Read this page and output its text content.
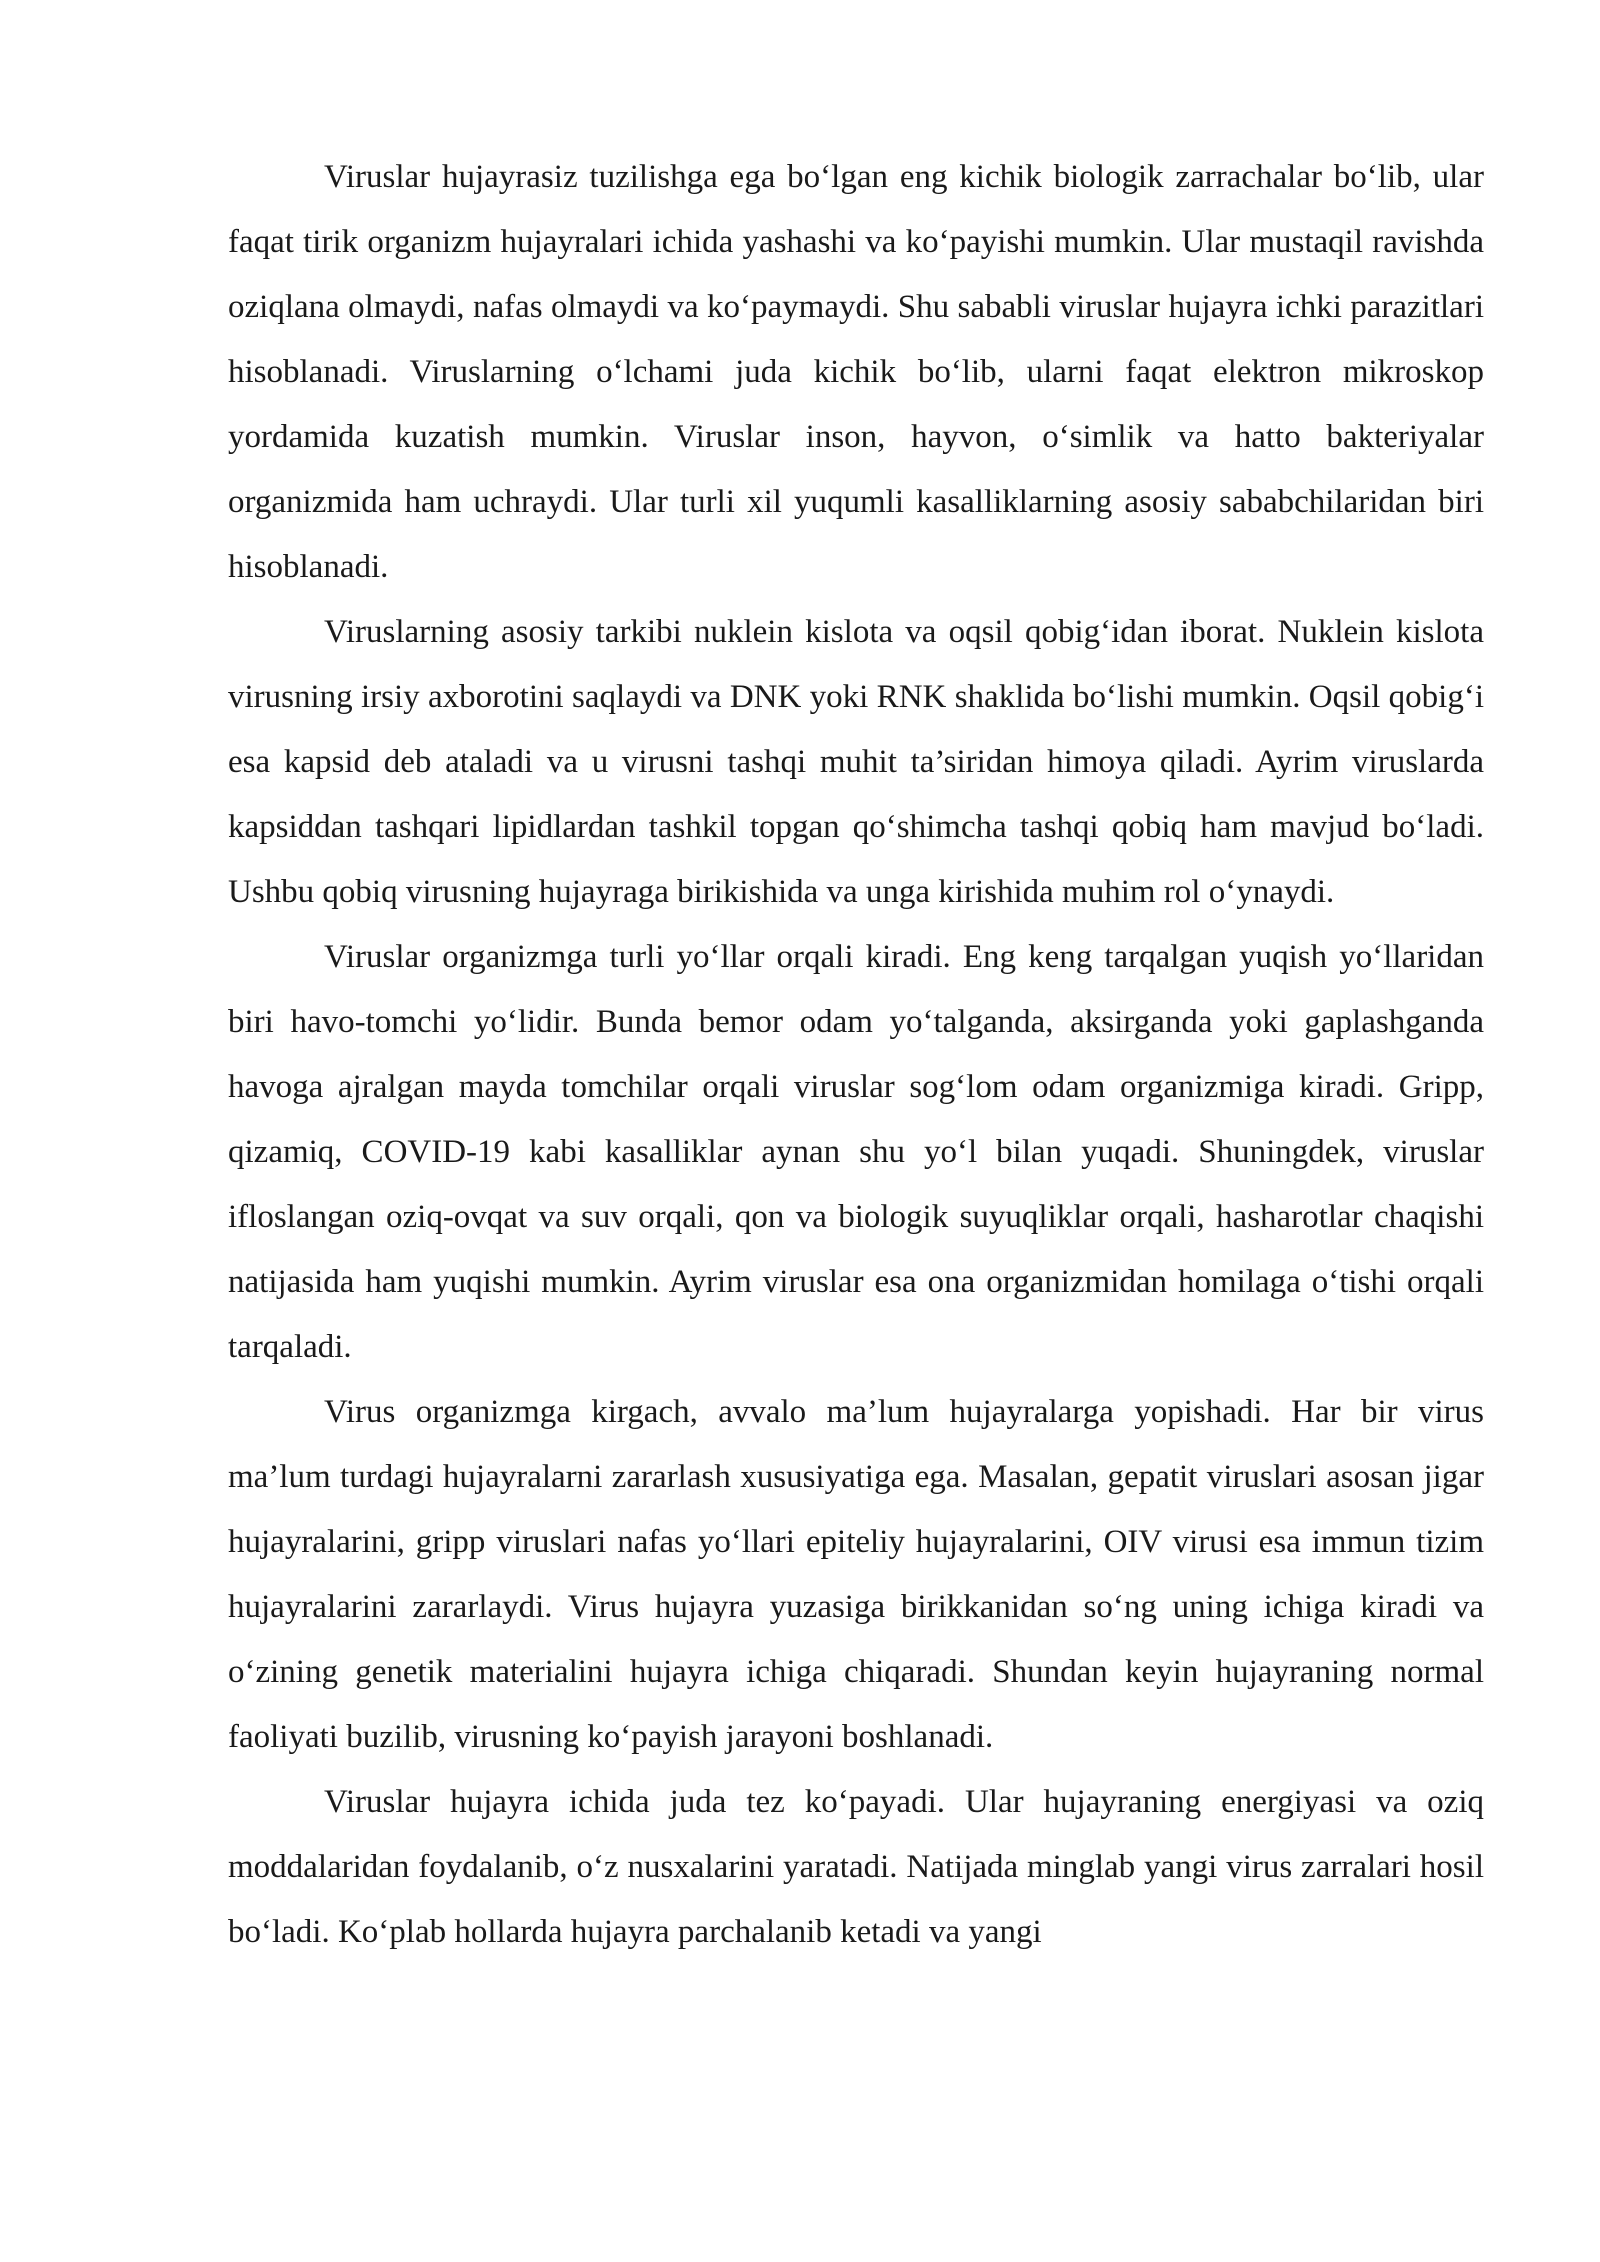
Viruslar hujayrasiz tuzilishga ega bo‘lgan eng kichik biologik zarrachalar bo‘lib, ular faqat tirik organizm hujayralari ichida yashashi va ko‘payishi mumkin. Ular mustaqil ravishda oziqlana olmaydi, nafas olmaydi va ko‘paymaydi. Shu sababli viruslar hujayra ichki parazitlari hisoblanadi. Viruslarning o‘lchami juda kichik bo‘lib, ularni faqat elektron mikroskop yordamida kuzatish mumkin. Viruslar inson, hayvon, o‘simlik va hatto bakteriyalar organizmida ham uchraydi. Ular turli xil yuqumli kasalliklarning asosiy sababchilaridan biri hisoblanadi.

Viruslarning asosiy tarkibi nuklein kislota va oqsil qobig‘idan iborat. Nuklein kislota virusning irsiy axborotini saqlaydi va DNK yoki RNK shaklida bo‘lishi mumkin. Oqsil qobig‘i esa kapsid deb ataladi va u virusni tashqi muhit ta’siridan himoya qiladi. Ayrim viruslarda kapsiddan tashqari lipidlardan tashkil topgan qo‘shimcha tashqi qobiq ham mavjud bo‘ladi. Ushbu qobiq virusning hujayraga birikishida va unga kirishida muhim rol o‘ynaydi.

Viruslar organizmga turli yo‘llar orqali kiradi. Eng keng tarqalgan yuqish yo‘llaridan biri havo-tomchi yo‘lidir. Bunda bemor odam yo‘talganda, aksirganda yoki gaplashganda havoga ajralgan mayda tomchilar orqali viruslar sog‘lom odam organizmiga kiradi. Gripp, qizamiq, COVID-19 kabi kasalliklar aynan shu yo‘l bilan yuqadi. Shuningdek, viruslar ifloslangan oziq-ovqat va suv orqali, qon va biologik suyuqliklar orqali, hasharotlar chaqishi natijasida ham yuqishi mumkin. Ayrim viruslar esa ona organizmidan homilaga o‘tishi orqali tarqaladi.

Virus organizmga kirgach, avvalo ma’lum hujayralarga yopishadi. Har bir virus ma’lum turdagi hujayralarni zararlash xususiyatiga ega. Masalan, gepatit viruslari asosan jigar hujayralarini, gripp viruslari nafas yo‘llari epiteliy hujayralarini, OIV virusi esa immun tizim hujayralarini zararlaydi. Virus hujayra yuzasiga birikkanidan so‘ng uning ichiga kiradi va o‘zining genetik materialini hujayra ichiga chiqaradi. Shundan keyin hujayraning normal faoliyati buzilib, virusning ko‘payish jarayoni boshlanadi.

Viruslar hujayra ichida juda tez ko‘payadi. Ular hujayraning energiyasi va oziq moddalaridan foydalanib, o‘z nusxalarini yaratadi. Natijada minglab yangi virus zarralari hosil bo‘ladi. Ko‘plab hollarda hujayra parchalanib ketadi va yangi
